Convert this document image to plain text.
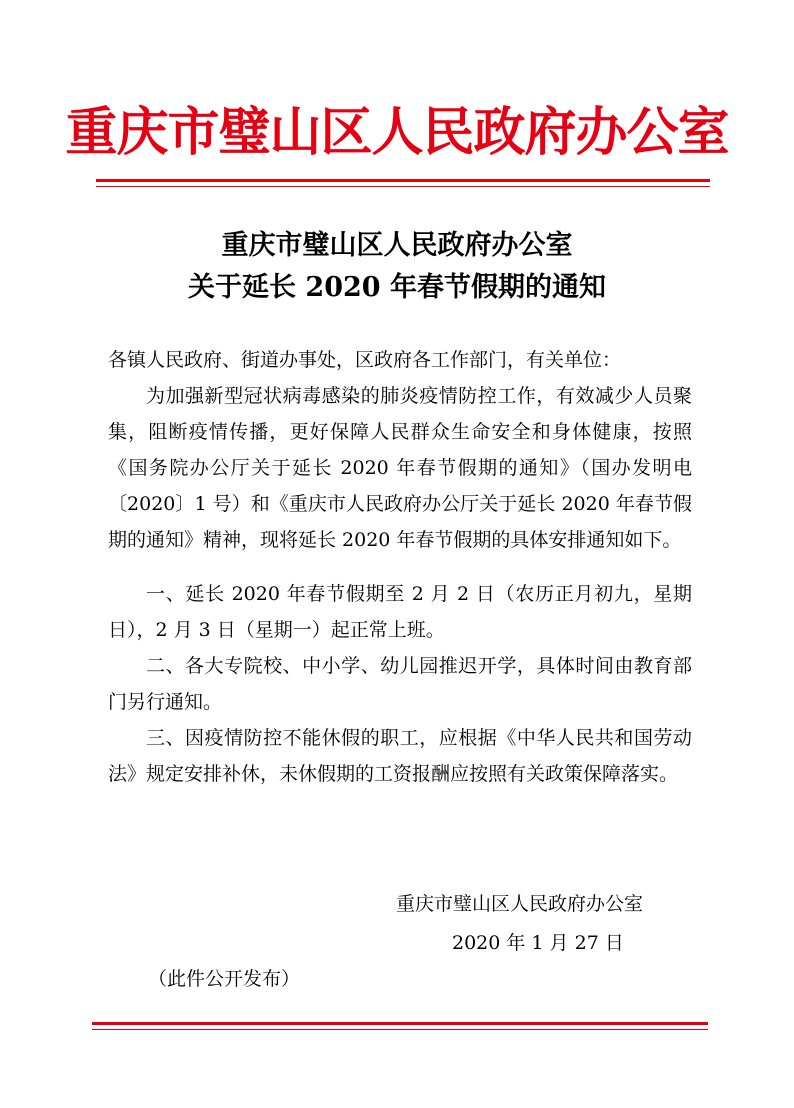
重庆市璧山区人民政府办公室
重庆市璧山区人民政府办公室
关于延长 2020 年春节假期的通知
各镇人民政府、街道办事处，区政府各工作部门，有关单位：
为加强新型冠状病毒感染的肺炎疫情防控工作，有效减少人员聚集，阻断疫情传播，更好保障人民群众生命安全和身体健康，按照《国务院办公厅关于延长 2020 年春节假期的通知》（国办发明电〔2020〕1 号）和《重庆市人民政府办公厅关于延长 2020 年春节假期的通知》精神，现将延长 2020 年春节假期的具体安排通知如下。
一、延长 2020 年春节假期至 2 月 2 日（农历正月初九，星期日），2 月 3 日（星期一）起正常上班。
二、各大专院校、中小学、幼儿园推迟开学，具体时间由教育部门另行通知。
三、因疫情防控不能休假的职工，应根据《中华人民共和国劳动法》规定安排补休，未休假期的工资报酬应按照有关政策保障落实。
重庆市璧山区人民政府办公室
2020 年 1 月 27 日
（此件公开发布）
